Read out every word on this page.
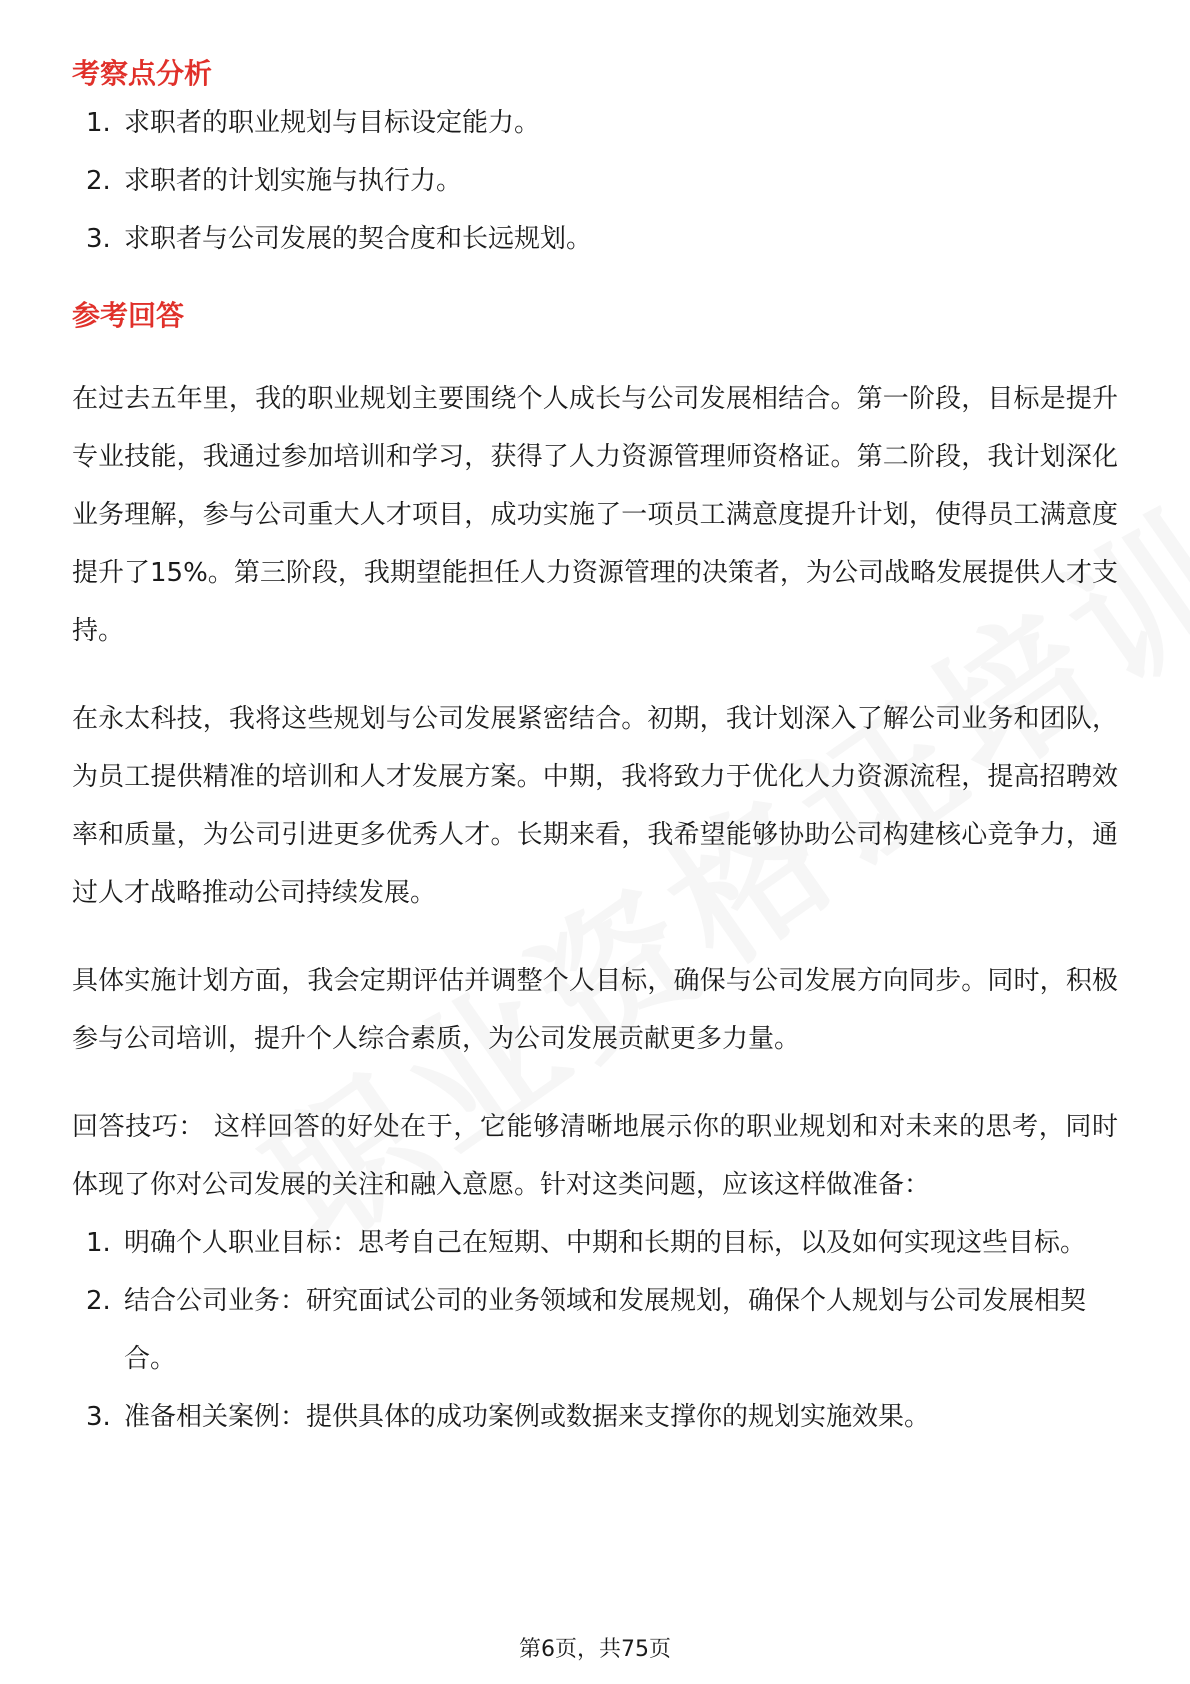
考察点分析
1. 求职者的职业规划与目标设定能力。
2. 求职者的计划实施与执行力。
3. 求职者与公司发展的契合度和长远规划。
参考回答

在过去五年里，我的职业规划主要围绕个人成长与公司发展相结合。第一阶段，目标是提升专业技能，我通过参加培训和学习，获得了人力资源管理师资格证。第二阶段，我计划深化业务理解，参与公司重大人才项目，成功实施了一项员工满意度提升计划，使得员工满意度提升了15%。第三阶段，我期望能担任人力资源管理的决策者，为公司战略发展提供人才支持。

在永太科技，我将这些规划与公司发展紧密结合。初期，我计划深入了解公司业务和团队，为员工提供精准的培训和人才发展方案。中期，我将致力于优化人力资源流程，提高招聘效率和质量，为公司引进更多优秀人才。长期来看，我希望能够协助公司构建核心竞争力，通过人才战略推动公司持续发展。

具体实施计划方面，我会定期评估并调整个人目标，确保与公司发展方向同步。同时，积极参与公司培训，提升个人综合素质，为公司发展贡献更多力量。

回答技巧： 这样回答的好处在于，它能够清晰地展示你的职业规划和对未来的思考，同时体现了你对公司发展的关注和融入意愿。针对这类问题，应该这样做准备：

1. 明确个人职业目标：思考自己在短期、中期和长期的目标，以及如何实现这些目标。
2. 结合公司业务：研究面试公司的业务领域和发展规划，确保个人规划与公司发展相契合。
3. 准备相关案例：提供具体的成功案例或数据来支撑你的规划实施效果。
第6页，共75页
